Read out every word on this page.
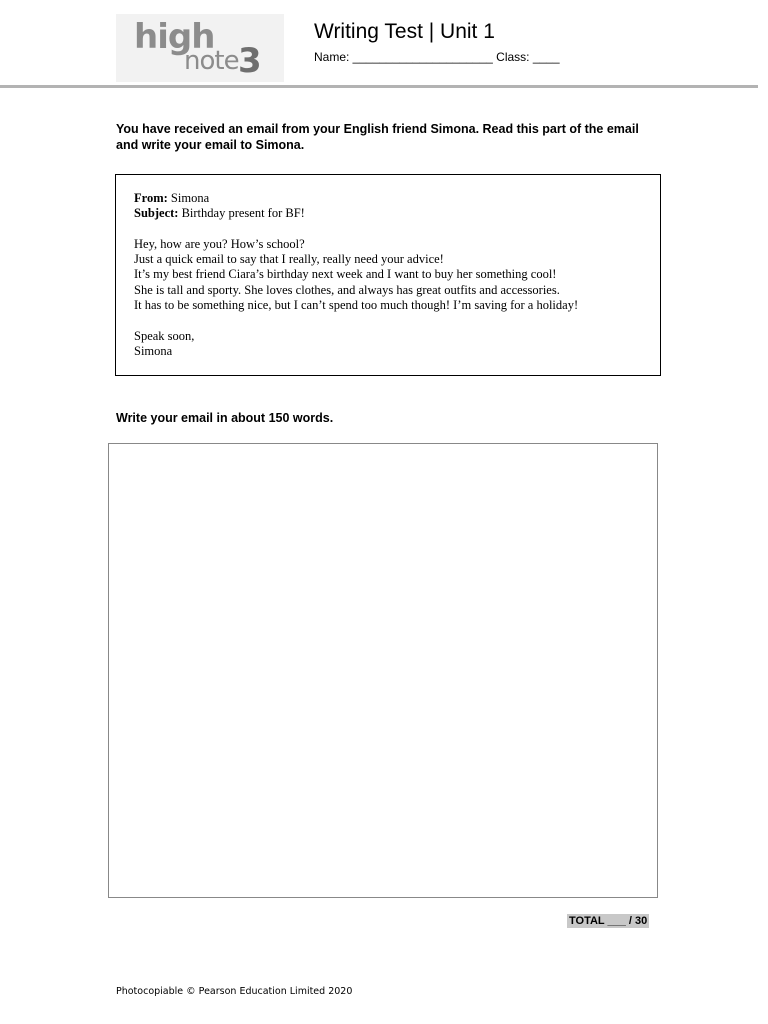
high
note 3
Writing Test | Unit 1
Name: _____________________ Class: ____
You have received an email from your English friend Simona. Read this part of the email and write your email to Simona.

From: Simona

Subject: Birthday present for BF!

Hey, how are you? How’s school?

Just a quick email to say that I really, really need your advice!

It’s my best friend Ciara’s birthday next week and I want to buy her something cool!

She is tall and sporty. She loves clothes, and always has great outfits and accessories.

It has to be something nice, but I can’t spend too much though! I’m saving for a holiday!

Speak soon,

Simona

Write your email in about 150 words.
TOTAL ___ / 30
Photocopiable © Pearson Education Limited 2020
